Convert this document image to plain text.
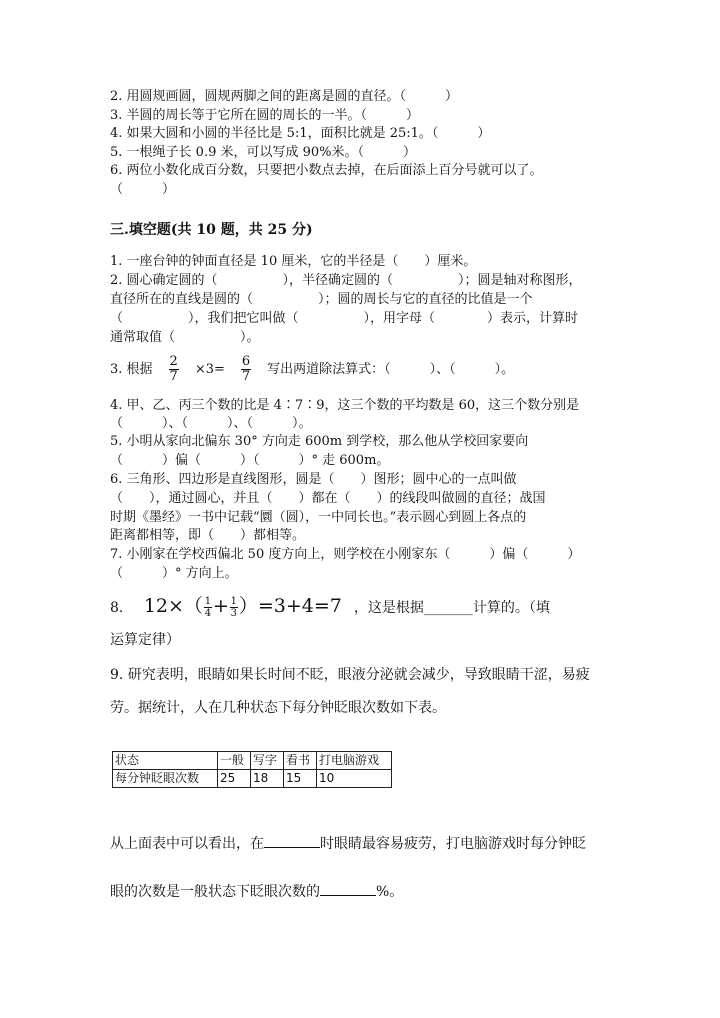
2. 用圆规画圆，圆规两脚之间的距离是圆的直径。（　　　）
3. 半圆的周长等于它所在圆的周长的一半。（　　　）
4. 如果大圆和小圆的半径比是 5:1，面积比就是 25:1。（　　　）
5. 一根绳子长 0.9 米，可以写成 90%米。（　　　）
6. 两位小数化成百分数，只要把小数点去掉，在后面添上百分号就可以了。
（　　　）
三.填空题(共 10 题，共 25 分)
1. 一座台钟的钟面直径是 10 厘米，它的半径是（　　）厘米。
2. 圆心确定圆的（　　　　　），半径确定圆的（　　　　　）；圆是轴对称图形，
直径所在的直线是圆的（　　　　　）；圆的周长与它的直径的比值是一个
（　　　　　），我们把它叫做（　　　　　），用字母（　　　　）表示，计算时
通常取值（　　　　　）。
3. 根据 $\frac{2}{7} \times 3= \frac{6}{7}$ 写出两道除法算式：（　　　）、（　　　）。
4. 甲、乙、丙三个数的比是 4∶7∶9，这三个数的平均数是 60，这三个数分别是
（　　　）、（　　　）、（　　　）。
5. 小明从家向北偏东 30° 方向走 600m 到学校，那么他从学校回家要向
（　　　）偏（　　　）（　　　）° 走 600m。
6. 三角形、四边形是直线图形，圆是（　　）图形；圆中心的一点叫做
（　　），通过圆心，并且（　　）都在（　　）的线段叫做圆的直径；战国
时期《墨经》一书中记载“圜（圆），一中同长也。”表示圆心到圆上各点的
距离都相等，即（　　）都相等。
7. 小刚家在学校西偏北 50 度方向上，则学校在小刚家东（　　　）偏（　　　）
（　　　）° 方向上。
8. $12\times(\frac{1}{4}+\frac{1}{3})=3+4=7$ ，这是根据_______计算的。（填
运算定律）
9. 研究表明，眼睛如果长时间不眨，眼液分泌就会减少，导致眼睛干涩，易疲
劳。据统计，人在几种状态下每分钟眨眼次数如下表。
状态	一般	写字	看书	打电脑游戏
每分钟眨眼次数	25	18	15	10
从上面表中可以看出，在	时眼睛最容易疲劳，打电脑游戏时每分钟眨
眼的次数是一般状态下眨眼次数的	%。
